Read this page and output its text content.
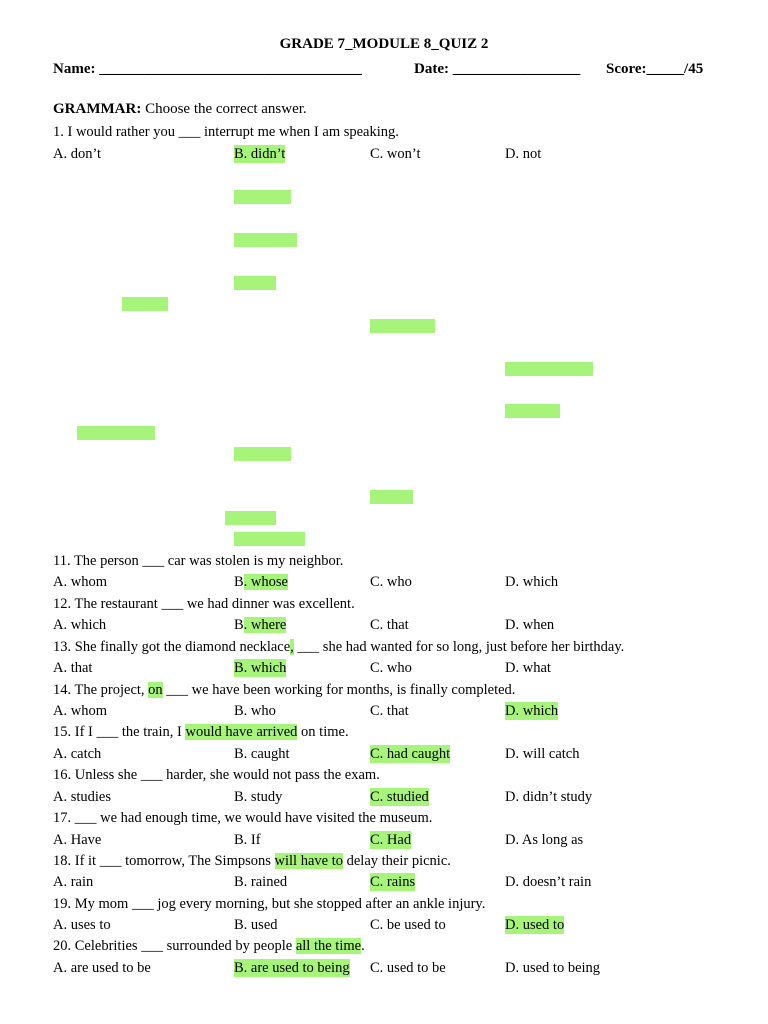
GRADE 7_MODULE 8_QUIZ 2
Name: ___________________________________	Date: _________________ Score:_____/45
GRAMMAR: Choose the correct answer.
1. I would rather you ___ interrupt me when I am speaking.
A. don’t	B. didn’t	C. won’t	D. not
11. The person ___ car was stolen is my neighbor.
A. whom	B. whose	C. who	D. which
12. The restaurant ___ we had dinner was excellent.
A. which	B. where	C. that	D. when
13. She finally got the diamond necklace, ___ she had wanted for so long, just before her birthday.
A. that	B. which	C. who	D. what
14. The project, on ___ we have been working for months, is finally completed.
A. whom	B. who	C. that	D. which
15. If I ___ the train, I would have arrived on time.
A. catch	B. caught	C. had caught	D. will catch
16. Unless she ___ harder, she would not pass the exam.
A. studies	B. study	C. studied	D. didn’t study
17. ___ we had enough time, we would have visited the museum.
A. Have	B. If	C. Had	D. As long as
18. If it ___ tomorrow, The Simpsons will have to delay their picnic.
A. rain	B. rained	C. rains	D. doesn’t rain
19. My mom ___ jog every morning, but she stopped after an ankle injury.
A. uses to	B. used	C. be used to	D. used to
20. Celebrities ___ surrounded by people all the time.
A. are used to be	B. are used to being C. used to be	D. used to being
